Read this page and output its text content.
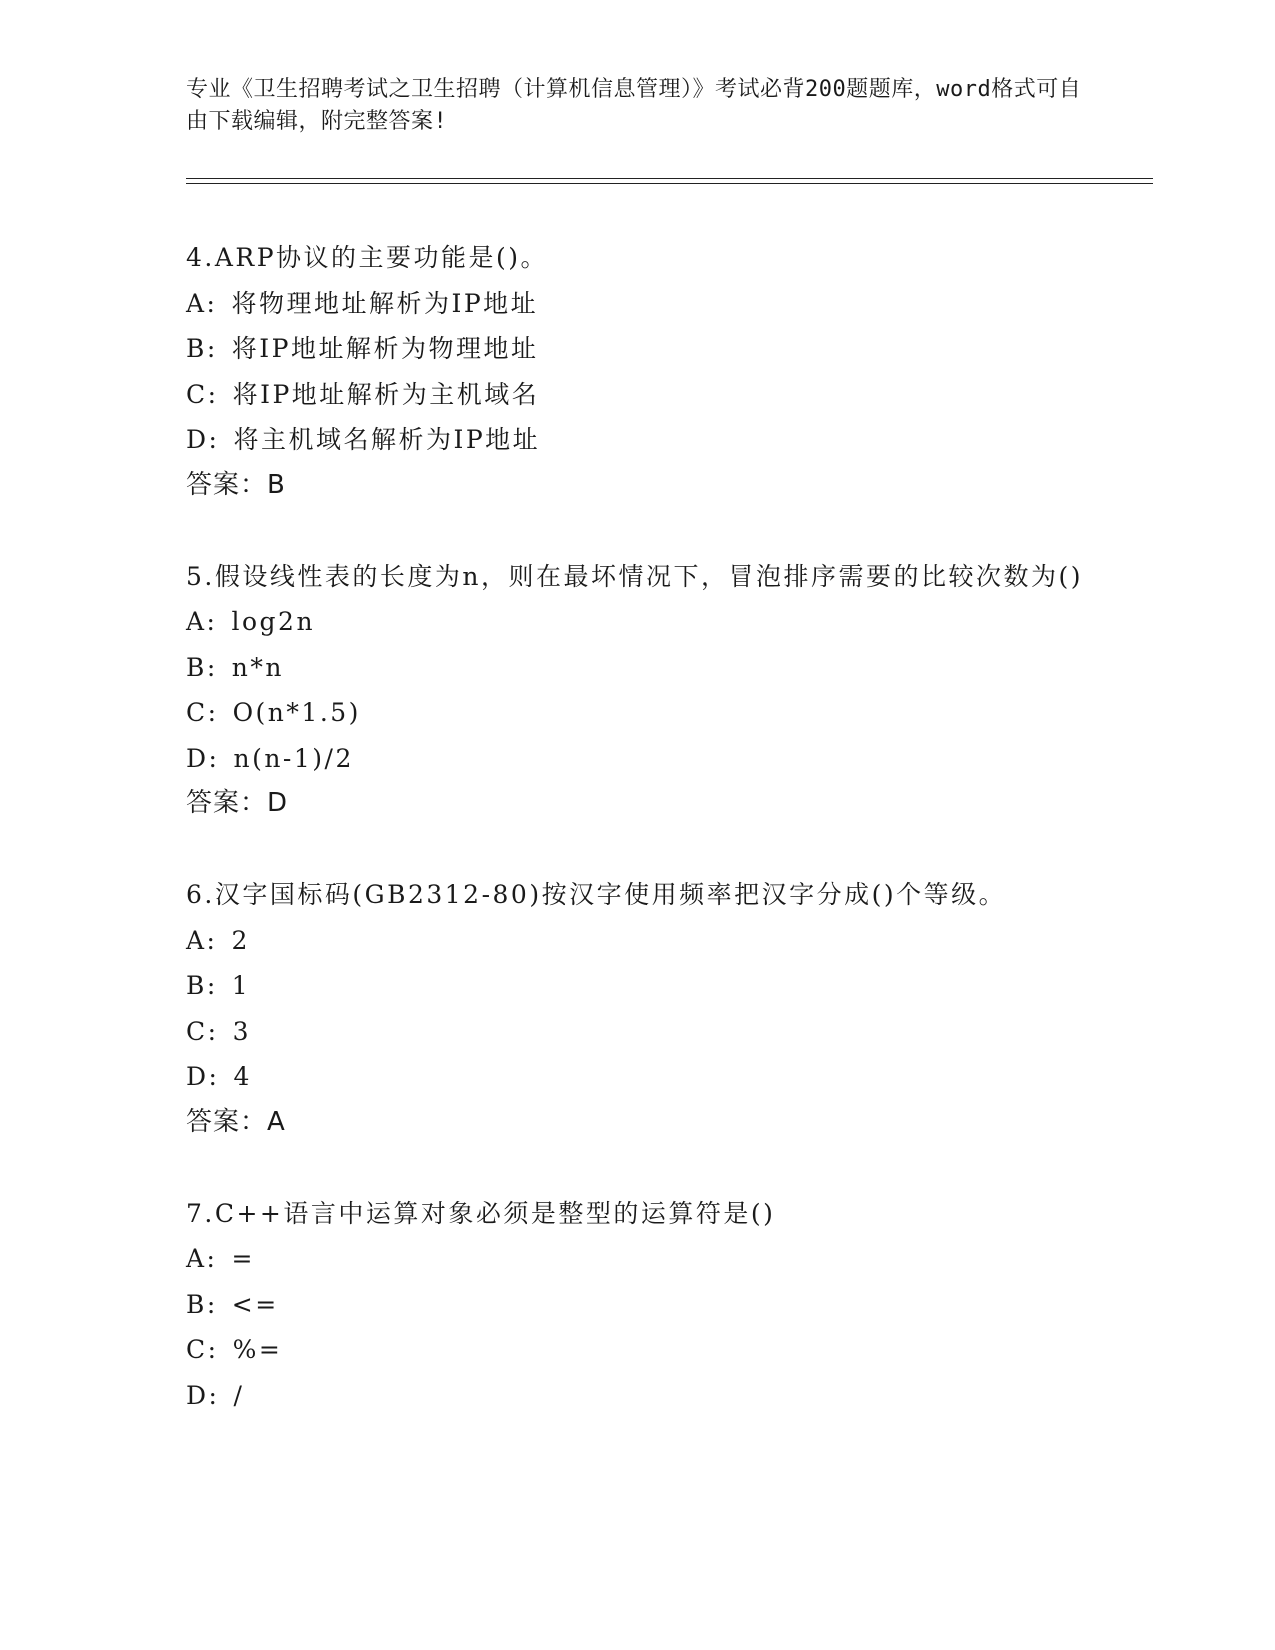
专业《卫生招聘考试之卫生招聘（计算机信息管理）》考试必背200题题库，word格式可自由下载编辑，附完整答案!

4.ARP协议的主要功能是()。

A: 将物理地址解析为IP地址

B: 将IP地址解析为物理地址

C: 将IP地址解析为主机域名

D: 将主机域名解析为IP地址

答案：B

5.假设线性表的长度为n，则在最坏情况下，冒泡排序需要的比较次数为()

A: log2n

B: n*n

C: O(n*1.5)

D: n(n-1)/2

答案：D

6.汉字国标码(GB2312-80)按汉字使用频率把汉字分成()个等级。

A: 2

B: 1

C: 3

D: 4

答案：A

7.C++语言中运算对象必须是整型的运算符是()

A: =

B: <=

C: %=

D: /
